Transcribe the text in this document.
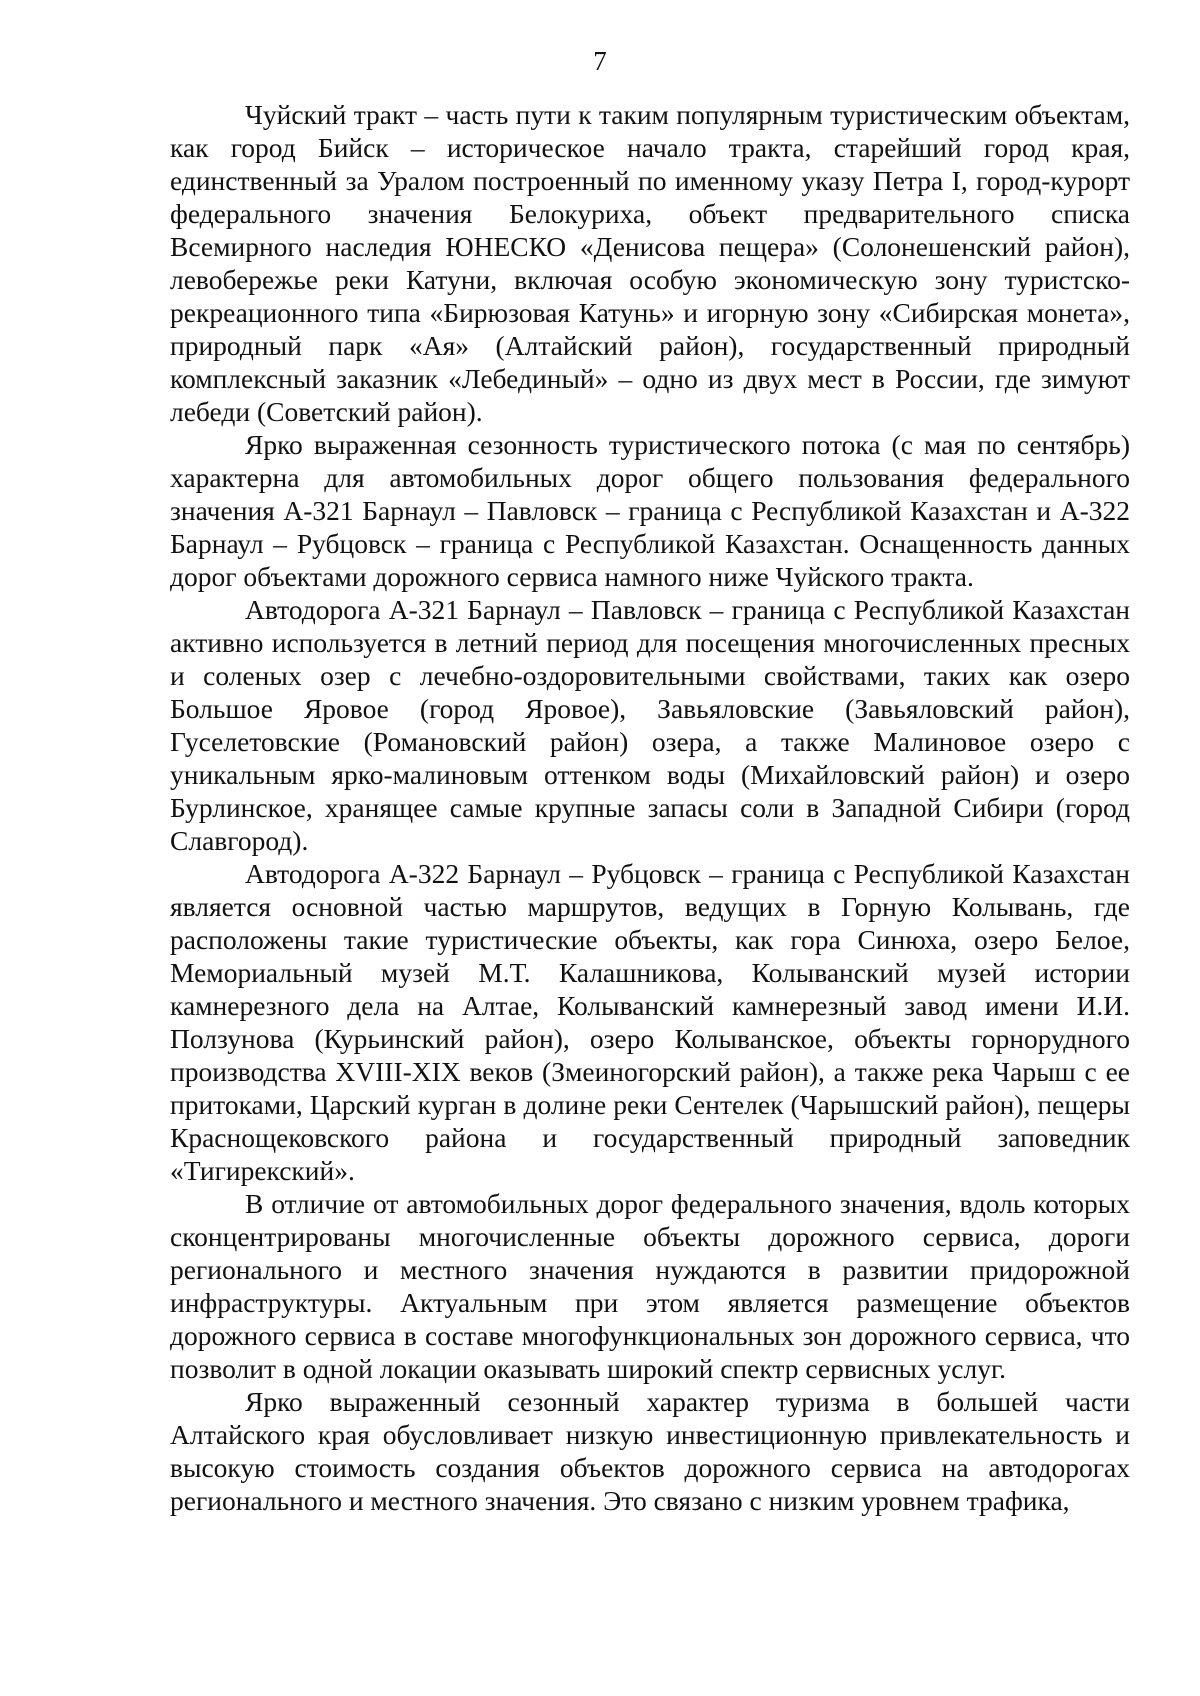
7

Чуйский тракт – часть пути к таким популярным туристическим объектам, как город Бийск – историческое начало тракта, старейший город края, единственный за Уралом построенный по именному указу Петра I, город-курорт федерального значения Белокуриха, объект предварительного списка Всемирного наследия ЮНЕСКО «Денисова пещера» (Солонешенский район), левобережье реки Катуни, включая особую экономическую зону туристско-рекреационного типа «Бирюзовая Катунь» и игорную зону «Сибирская монета», природный парк «Ая» (Алтайский район), государственный природный комплексный заказник «Лебединый» – одно из двух мест в России, где зимуют лебеди (Советский район).

Ярко выраженная сезонность туристического потока (с мая по сентябрь) характерна для автомобильных дорог общего пользования федерального значения А-321 Барнаул – Павловск – граница с Республикой Казахстан и А-322 Барнаул – Рубцовск – граница с Республикой Казахстан. Оснащенность данных дорог объектами дорожного сервиса намного ниже Чуйского тракта.

Автодорога А-321 Барнаул – Павловск – граница с Республикой Казахстан активно используется в летний период для посещения многочисленных пресных и соленых озер с лечебно-оздоровительными свойствами, таких как озеро Большое Яровое (город Яровое), Завьяловские (Завьяловский район), Гуселетовские (Романовский район) озера, а также Малиновое озеро с уникальным ярко-малиновым оттенком воды (Михайловский район) и озеро Бурлинское, хранящее самые крупные запасы соли в Западной Сибири (город Славгород).

Автодорога А-322 Барнаул – Рубцовск – граница с Республикой Казахстан является основной частью маршрутов, ведущих в Горную Колывань, где расположены такие туристические объекты, как гора Синюха, озеро Белое, Мемориальный музей М.Т. Калашникова, Колыванский музей истории камнерезного дела на Алтае, Колыванский камнерезный завод имени И.И. Ползунова (Курьинский район), озеро Колыванское, объекты горнорудного производства XVIII-XIX веков (Змеиногорский район), а также река Чарыш с ее притоками, Царский курган в долине реки Сентелек (Чарышский район), пещеры Краснощековского района и государственный природный заповедник «Тигирекский».

В отличие от автомобильных дорог федерального значения, вдоль которых сконцентрированы многочисленные объекты дорожного сервиса, дороги регионального и местного значения нуждаются в развитии придорожной инфраструктуры. Актуальным при этом является размещение объектов дорожного сервиса в составе многофункциональных зон дорожного сервиса, что позволит в одной локации оказывать широкий спектр сервисных услуг.

Ярко выраженный сезонный характер туризма в большей части Алтайского края обусловливает низкую инвестиционную привлекательность и высокую стоимость создания объектов дорожного сервиса на автодорогах регионального и местного значения. Это связано с низким уровнем трафика,
